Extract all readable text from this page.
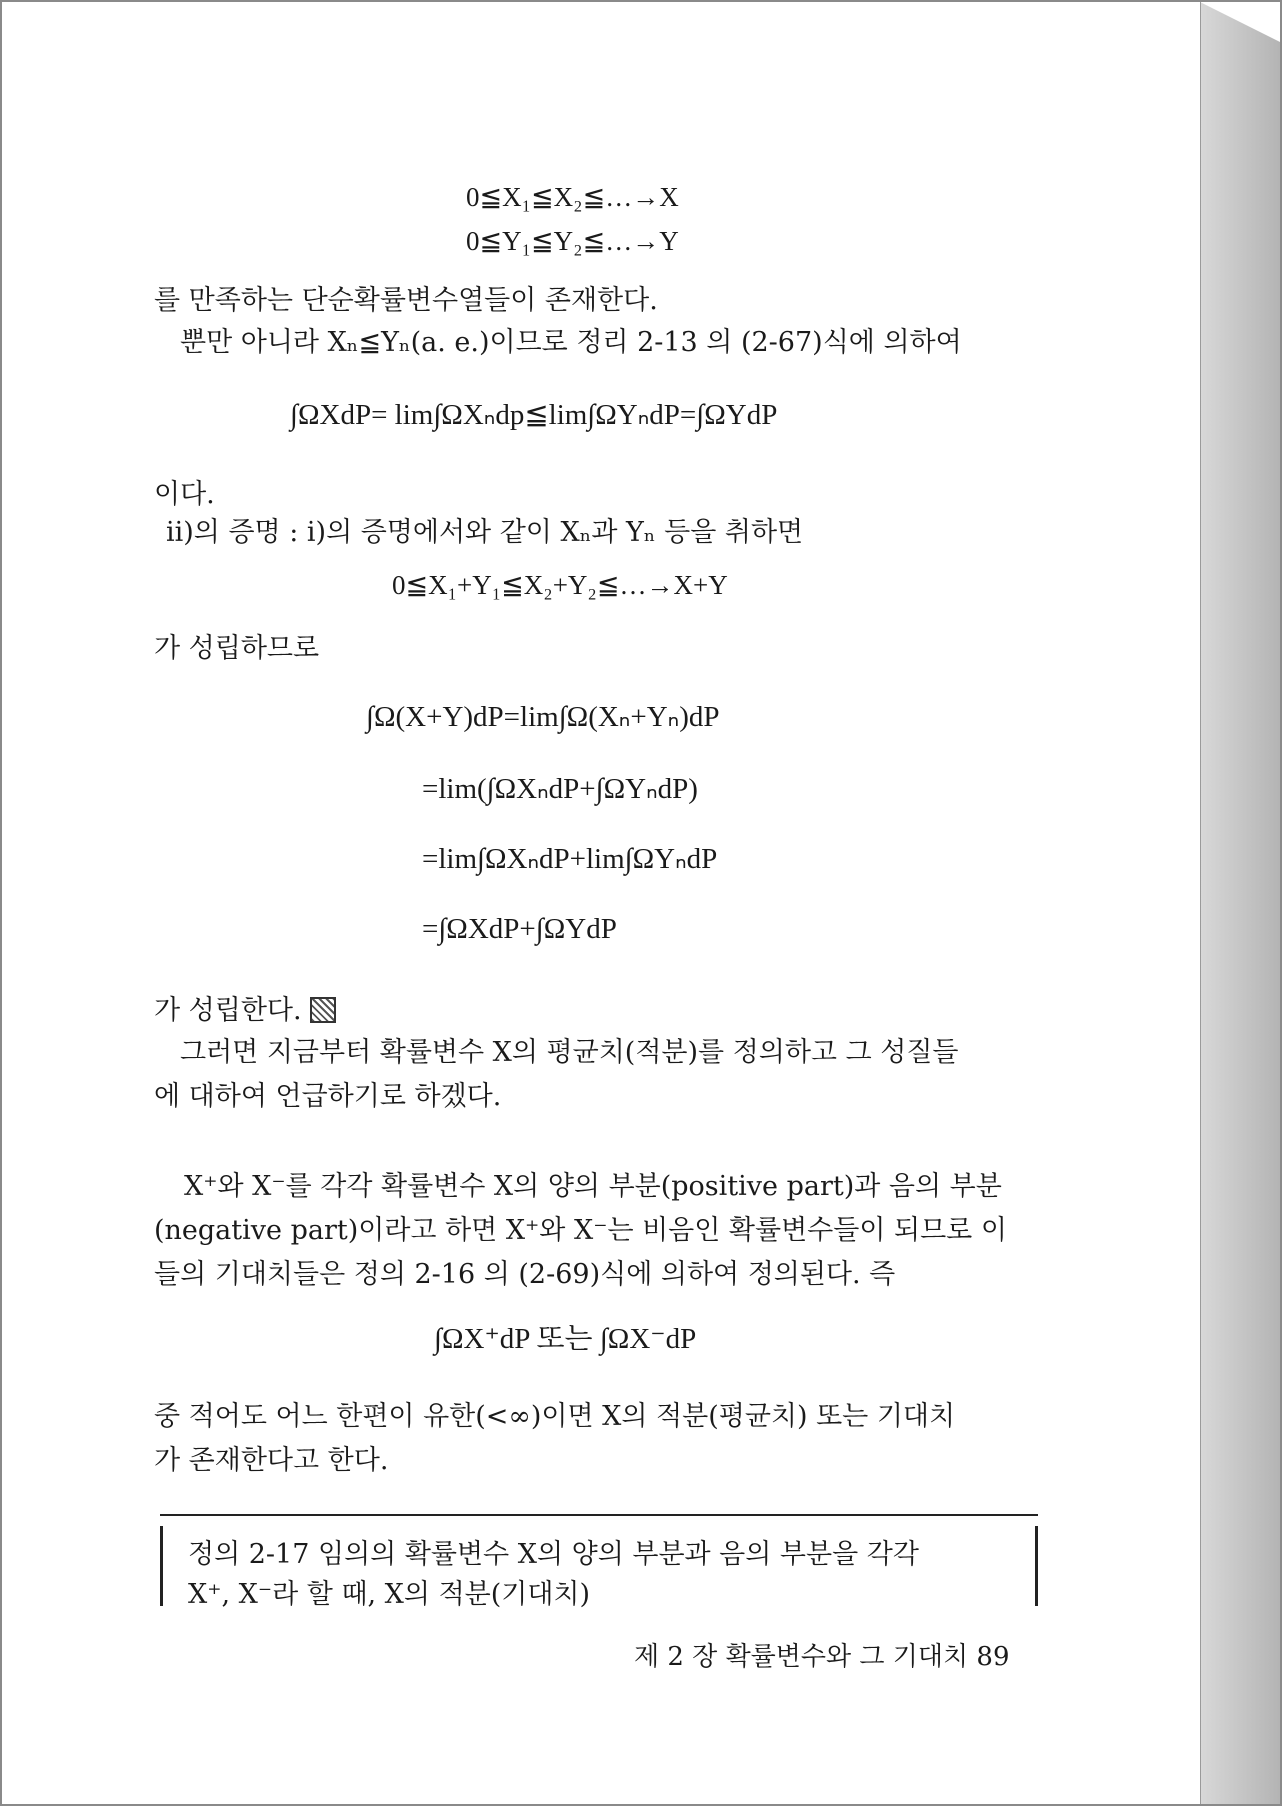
0≦X₁≦X₂≦…→X
0≦Y₁≦Y₂≦…→Y
를 만족하는 단순확률변수열들이 존재한다.
뿐만 아니라 Xₙ≦Yₙ(a. e.)이므로 정리 2-13 의 (2-67)식에 의하여
∫ΩXdP= lim∫ΩXₙdp≦lim∫ΩYₙdP=∫ΩYdP
이다.
ii)의 증명 : i)의 증명에서와 같이 Xₙ과 Yₙ 등을 취하면
0≦X₁+Y₁≦X₂+Y₂≦…→X+Y
가 성립하므로
∫Ω(X+Y)dP=lim∫Ω(Xₙ+Yₙ)dP
=lim(∫ΩXₙdP+∫ΩYₙdP)
=lim∫ΩXₙdP+lim∫ΩYₙdP
=∫ΩXdP+∫ΩYdP
가 성립한다.
그러면 지금부터 확률변수 X의 평균치(적분)를 정의하고 그 성질들
에 대하여 언급하기로 하겠다.
X⁺와 X⁻를 각각 확률변수 X의 양의 부분(positive part)과 음의 부분
(negative part)이라고 하면 X⁺와 X⁻는 비음인 확률변수들이 되므로 이
들의 기대치들은 정의 2-16 의 (2-69)식에 의하여 정의된다. 즉
∫ΩX⁺dP 또는 ∫ΩX⁻dP
중 적어도 어느 한편이 유한(<∞)이면 X의 적분(평균치) 또는 기대치
가 존재한다고 한다.
정의 2-17 임의의 확률변수 X의 양의 부분과 음의 부분을 각각
X⁺, X⁻라 할 때, X의 적분(기대치)
제 2 장 확률변수와 그 기대치 89
